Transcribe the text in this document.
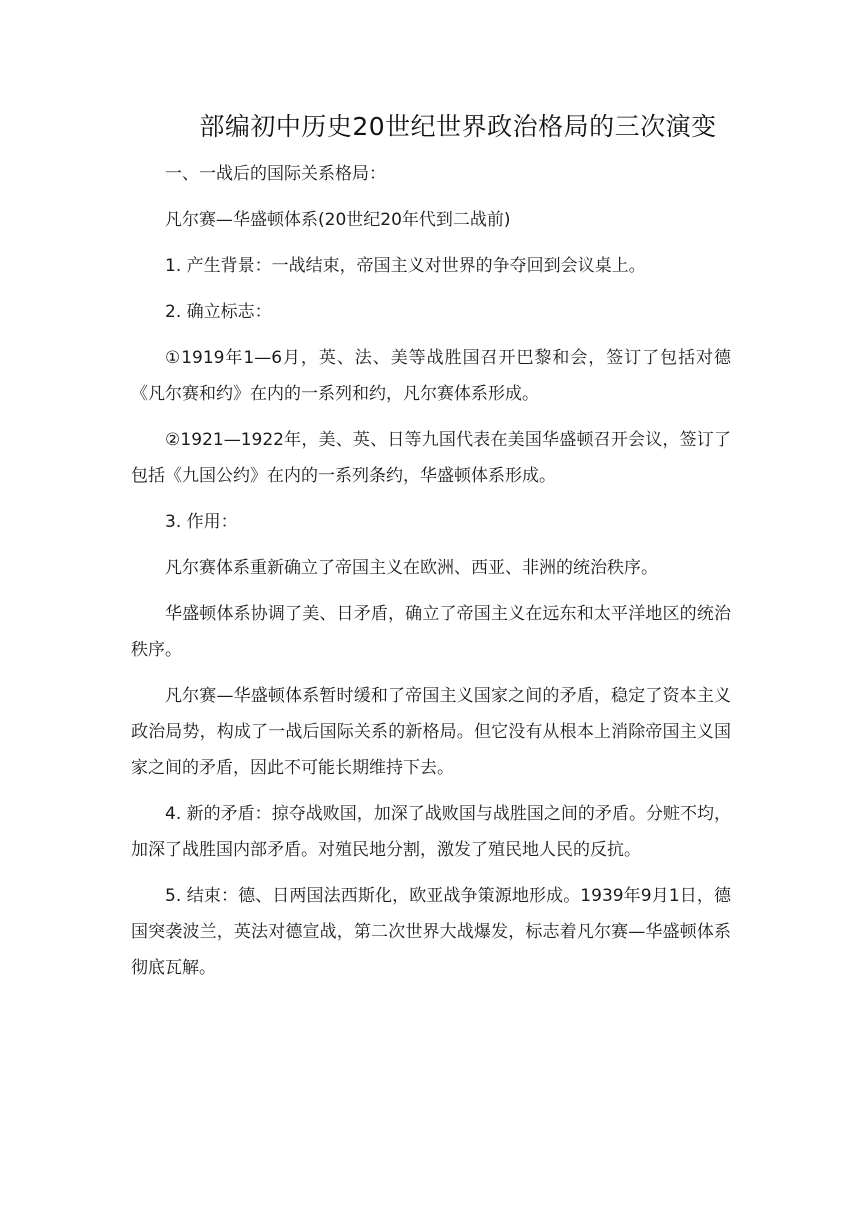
部编初中历史20世纪世界政治格局的三次演变

一、一战后的国际关系格局：

凡尔赛—华盛顿体系(20世纪20年代到二战前)

1. 产生背景：一战结束，帝国主义对世界的争夺回到会议桌上。

2. 确立标志：

①1919年1—6月，英、法、美等战胜国召开巴黎和会，签订了包括对德《凡尔赛和约》在内的一系列和约，凡尔赛体系形成。

②1921—1922年，美、英、日等九国代表在美国华盛顿召开会议，签订了包括《九国公约》在内的一系列条约，华盛顿体系形成。

3. 作用：

凡尔赛体系重新确立了帝国主义在欧洲、西亚、非洲的统治秩序。

华盛顿体系协调了美、日矛盾，确立了帝国主义在远东和太平洋地区的统治秩序。

凡尔赛—华盛顿体系暂时缓和了帝国主义国家之间的矛盾，稳定了资本主义政治局势，构成了一战后国际关系的新格局。但它没有从根本上消除帝国主义国家之间的矛盾，因此不可能长期维持下去。

4. 新的矛盾：掠夺战败国，加深了战败国与战胜国之间的矛盾。分赃不均，加深了战胜国内部矛盾。对殖民地分割，激发了殖民地人民的反抗。

5. 结束：德、日两国法西斯化，欧亚战争策源地形成。1939年9月1日，德国突袭波兰，英法对德宣战，第二次世界大战爆发，标志着凡尔赛—华盛顿体系彻底瓦解。
